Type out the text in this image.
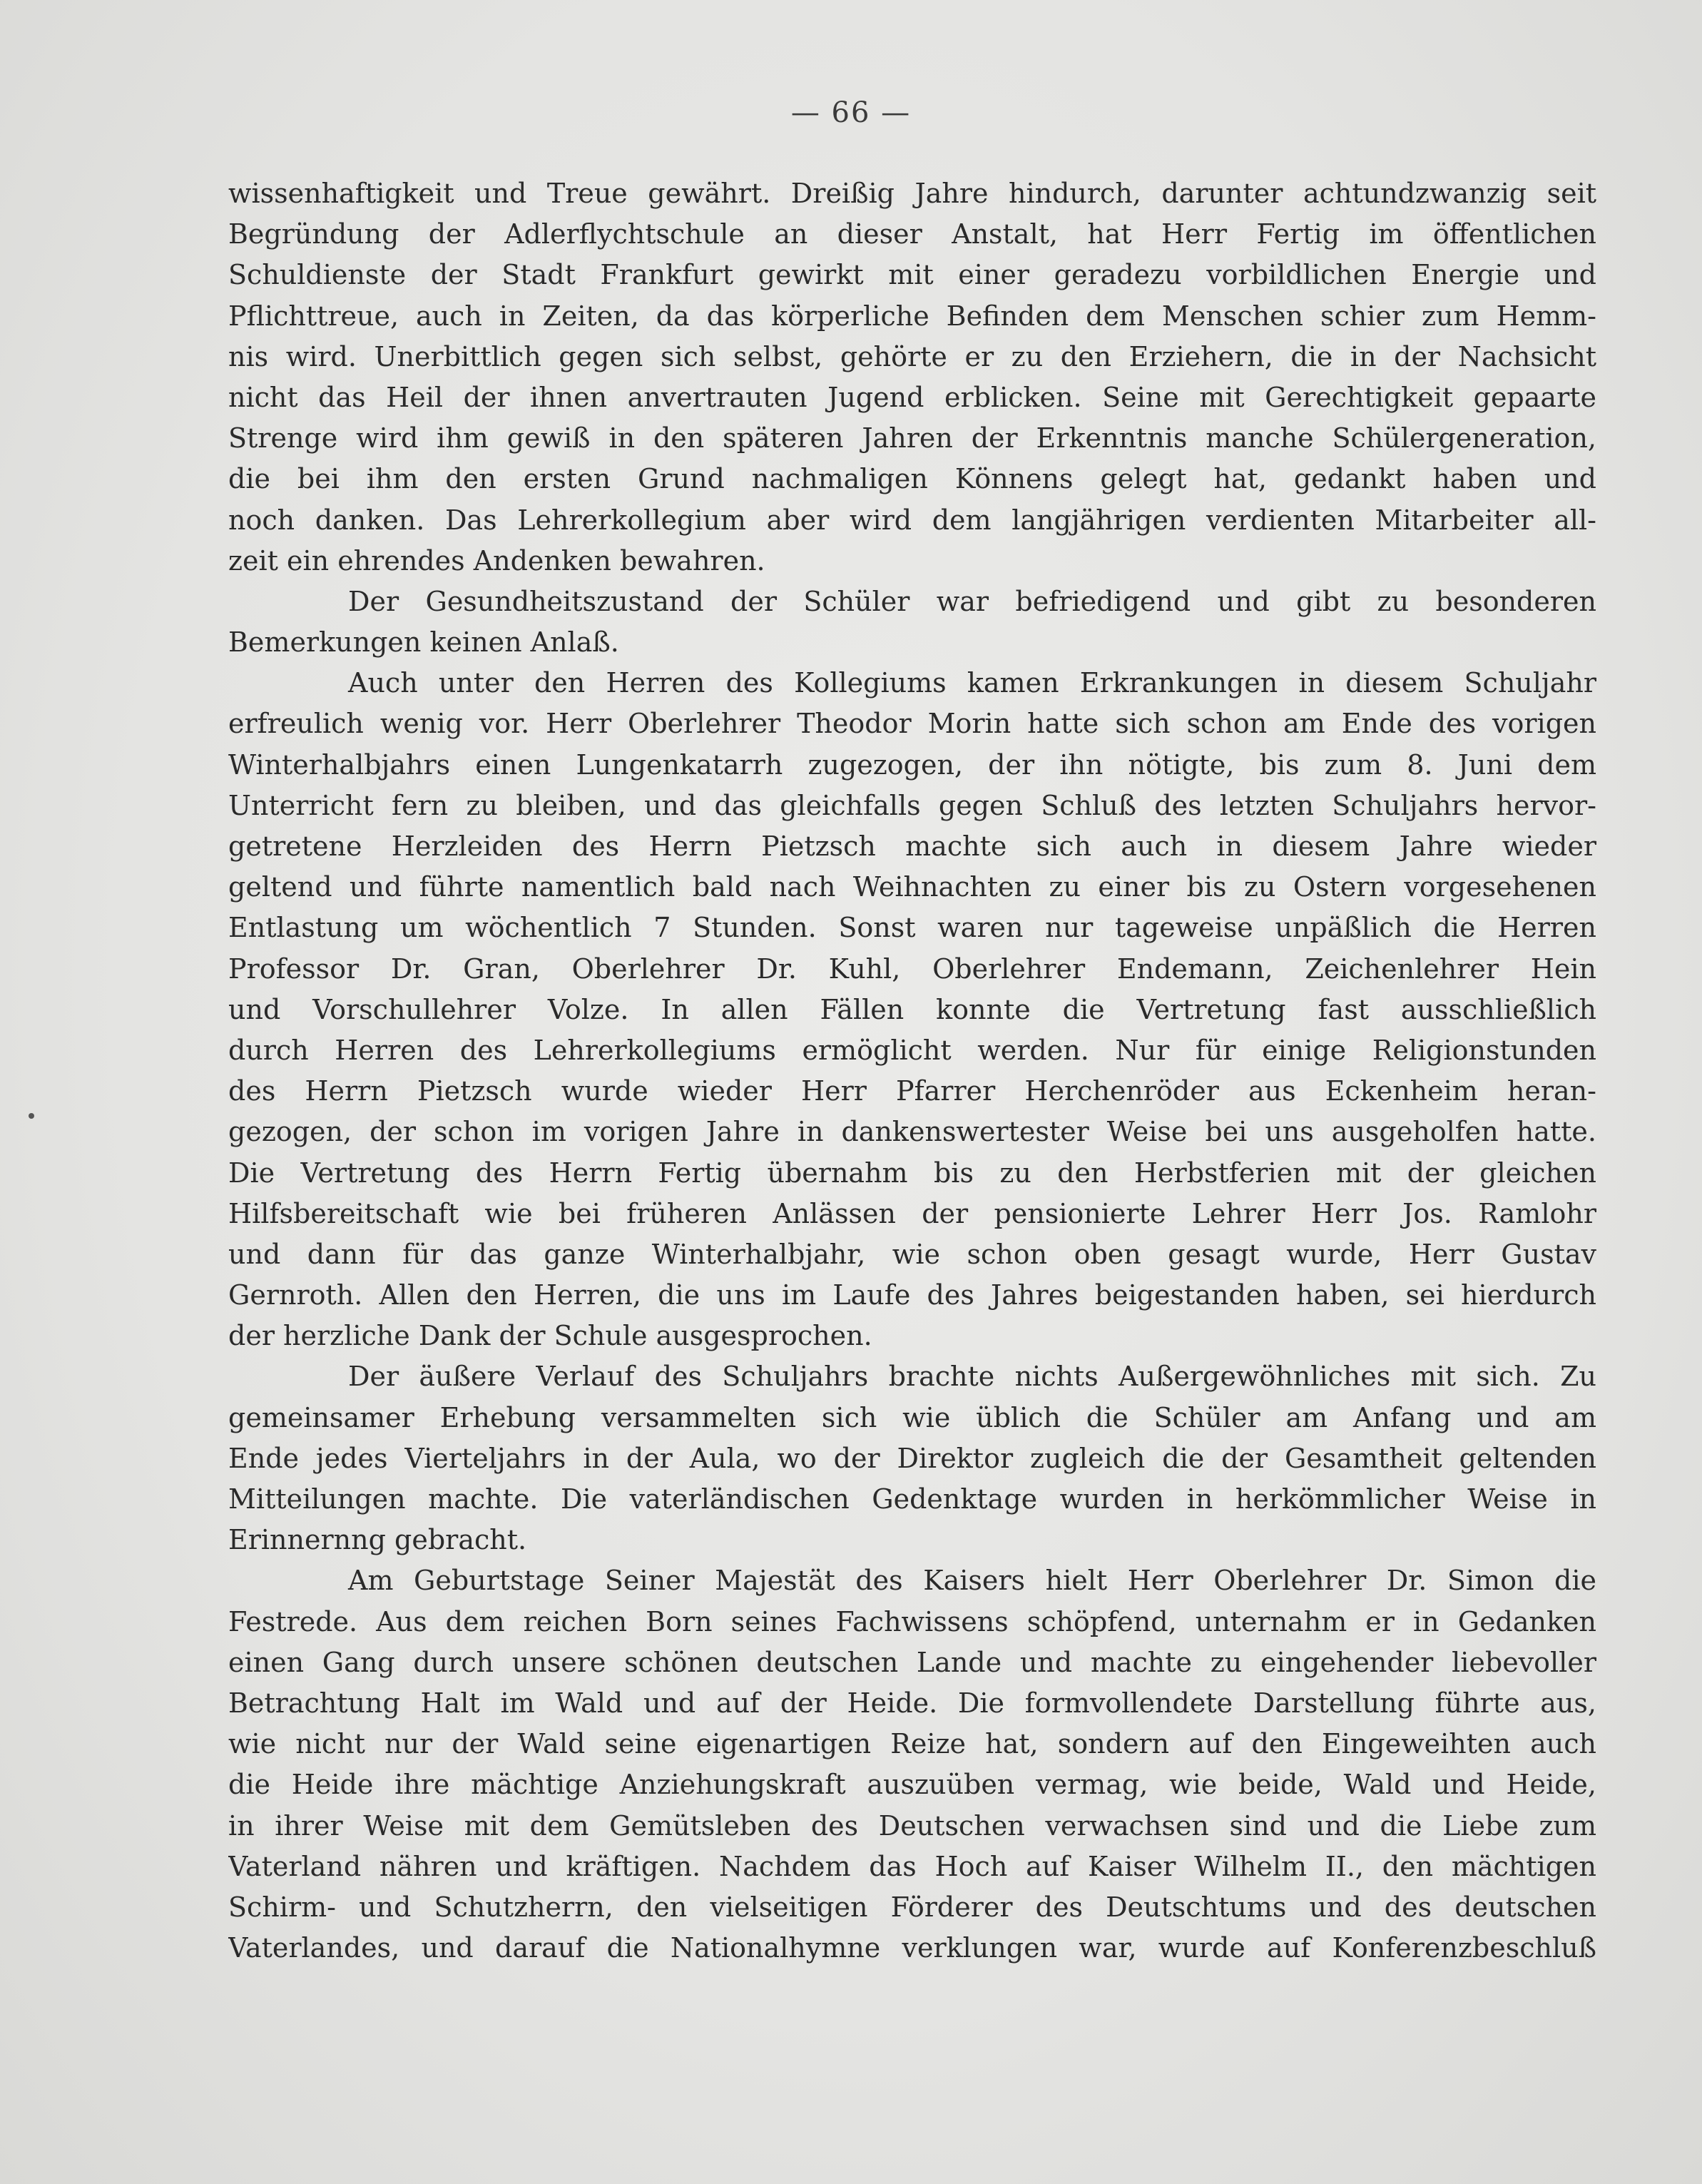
— 66 —
wissenhaftigkeit und Treue gewährt. Dreißig Jahre hindurch, darunter achtundzwanzig seit
Begründung der Adlerflychtschule an dieser Anstalt, hat Herr Fertig im öffentlichen
Schuldienste der Stadt Frankfurt gewirkt mit einer geradezu vorbildlichen Energie und
Pflichttreue, auch in Zeiten, da das körperliche Befinden dem Menschen schier zum Hemm-
nis wird. Unerbittlich gegen sich selbst, gehörte er zu den Erziehern, die in der Nachsicht
nicht das Heil der ihnen anvertrauten Jugend erblicken. Seine mit Gerechtigkeit gepaarte
Strenge wird ihm gewiß in den späteren Jahren der Erkenntnis manche Schülergeneration,
die bei ihm den ersten Grund nachmaligen Könnens gelegt hat, gedankt haben und
noch danken. Das Lehrerkollegium aber wird dem langjährigen verdienten Mitarbeiter all-
zeit ein ehrendes Andenken bewahren.
Der Gesundheitszustand der Schüler war befriedigend und gibt zu besonderen
Bemerkungen keinen Anlaß.
Auch unter den Herren des Kollegiums kamen Erkrankungen in diesem Schuljahr
erfreulich wenig vor. Herr Oberlehrer Theodor Morin hatte sich schon am Ende des vorigen
Winterhalbjahrs einen Lungenkatarrh zugezogen, der ihn nötigte, bis zum 8. Juni dem
Unterricht fern zu bleiben, und das gleichfalls gegen Schluß des letzten Schuljahrs hervor-
getretene Herzleiden des Herrn Pietzsch machte sich auch in diesem Jahre wieder
geltend und führte namentlich bald nach Weihnachten zu einer bis zu Ostern vorgesehenen
Entlastung um wöchentlich 7 Stunden. Sonst waren nur tageweise unpäßlich die Herren
Professor Dr. Gran, Oberlehrer Dr. Kuhl, Oberlehrer Endemann, Zeichenlehrer Hein
und Vorschullehrer Volze. In allen Fällen konnte die Vertretung fast ausschließlich
durch Herren des Lehrerkollegiums ermöglicht werden. Nur für einige Religionstunden
des Herrn Pietzsch wurde wieder Herr Pfarrer Herchenröder aus Eckenheim heran-
gezogen, der schon im vorigen Jahre in dankenswertester Weise bei uns ausgeholfen hatte.
Die Vertretung des Herrn Fertig übernahm bis zu den Herbstferien mit der gleichen
Hilfsbereitschaft wie bei früheren Anlässen der pensionierte Lehrer Herr Jos. Ramlohr
und dann für das ganze Winterhalbjahr, wie schon oben gesagt wurde, Herr Gustav
Gernroth. Allen den Herren, die uns im Laufe des Jahres beigestanden haben, sei hierdurch
der herzliche Dank der Schule ausgesprochen.
Der äußere Verlauf des Schuljahrs brachte nichts Außergewöhnliches mit sich. Zu
gemeinsamer Erhebung versammelten sich wie üblich die Schüler am Anfang und am
Ende jedes Vierteljahrs in der Aula, wo der Direktor zugleich die der Gesamtheit geltenden
Mitteilungen machte. Die vaterländischen Gedenktage wurden in herkömmlicher Weise in
Erinnernng gebracht.
Am Geburtstage Seiner Majestät des Kaisers hielt Herr Oberlehrer Dr. Simon die
Festrede. Aus dem reichen Born seines Fachwissens schöpfend, unternahm er in Gedanken
einen Gang durch unsere schönen deutschen Lande und machte zu eingehender liebevoller
Betrachtung Halt im Wald und auf der Heide. Die formvollendete Darstellung führte aus,
wie nicht nur der Wald seine eigenartigen Reize hat, sondern auf den Eingeweihten auch
die Heide ihre mächtige Anziehungskraft auszuüben vermag, wie beide, Wald und Heide,
in ihrer Weise mit dem Gemütsleben des Deutschen verwachsen sind und die Liebe zum
Vaterland nähren und kräftigen. Nachdem das Hoch auf Kaiser Wilhelm II., den mächtigen
Schirm- und Schutzherrn, den vielseitigen Förderer des Deutschtums und des deutschen
Vaterlandes, und darauf die Nationalhymne verklungen war, wurde auf Konferenzbeschluß
